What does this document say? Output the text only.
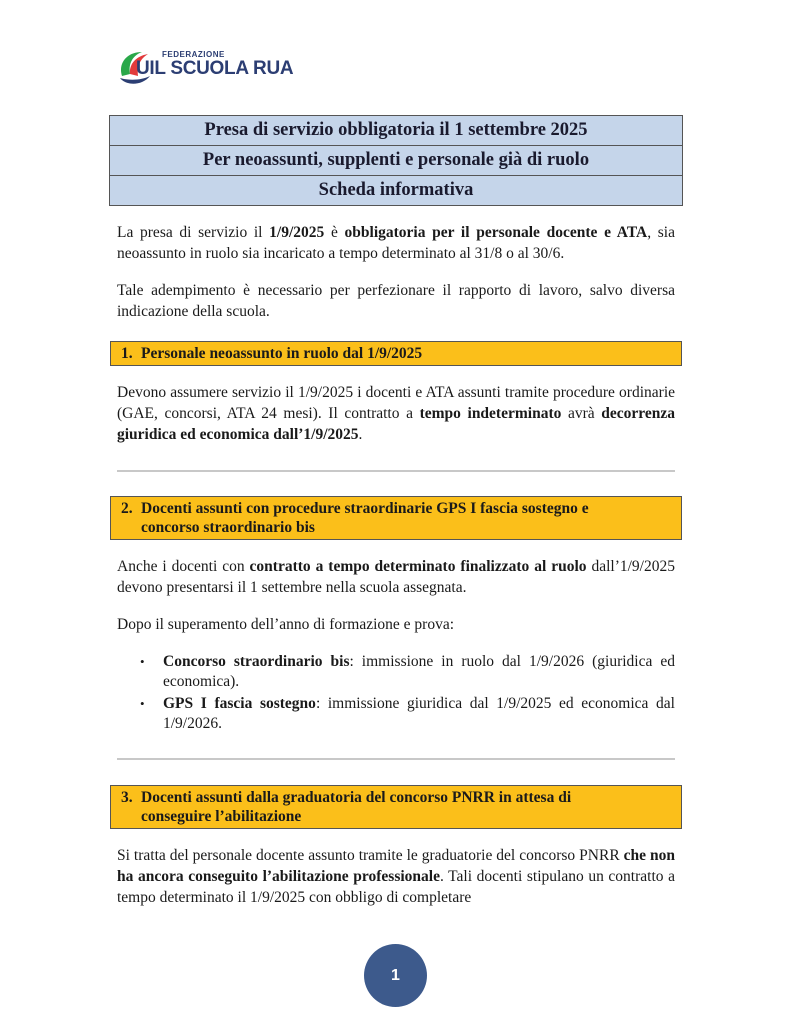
FEDERAZIONE
UIL SCUOLA RUA
Presa di servizio obbligatoria il 1 settembre 2025
Per neoassunti, supplenti e personale già di ruolo
Scheda informativa

La presa di servizio il 1/9/2025 è obbligatoria per il personale docente e ATA, sia neoassunto in ruolo sia incaricato a tempo determinato al 31/8 o al 30/6.

Tale adempimento è necessario per perfezionare il rapporto di lavoro, salvo diversa indicazione della scuola.

1. Personale neoassunto in ruolo dal 1/9/2025

Devono assumere servizio il 1/9/2025 i docenti e ATA assunti tramite procedure ordinarie (GAE, concorsi, ATA 24 mesi). Il contratto a tempo indeterminato avrà decorrenza giuridica ed economica dall’1/9/2025.

2. Docenti assunti con procedure straordinarie GPS I fascia sostegno e
concorso straordinario bis

Anche i docenti con contratto a tempo determinato finalizzato al ruolo dall’1/9/2025 devono presentarsi il 1 settembre nella scuola assegnata.

Dopo il superamento dell’anno di formazione e prova:

• Concorso straordinario bis: immissione in ruolo dal 1/9/2026 (giuridica ed economica).
• GPS I fascia sostegno: immissione giuridica dal 1/9/2025 ed economica dal 1/9/2026.
3. Docenti assunti dalla graduatoria del concorso PNRR in attesa di
conseguire l’abilitazione

Si tratta del personale docente assunto tramite le graduatorie del concorso PNRR che non ha ancora conseguito l’abilitazione professionale. Tali docenti stipulano un contratto a tempo determinato il 1/9/2025 con obbligo di completare

1
